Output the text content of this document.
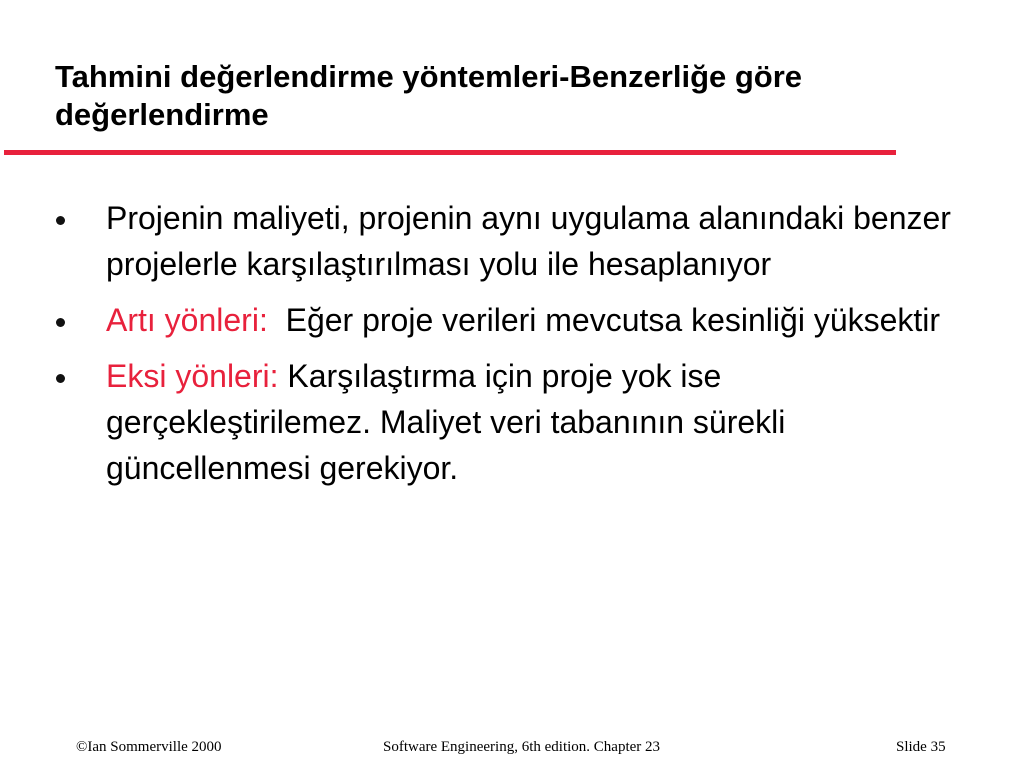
Tahmini değerlendirme yöntemleri-Benzerliğe göre değerlendirme
Projenin maliyeti, projenin aynı uygulama alanındaki benzer projelerle karşılaştırılması yolu ile hesaplanıyor
Artı yönleri:  Eğer proje verileri mevcutsa kesinliği yüksektir
Eksi yönleri: Karşılaştırma için proje yok ise gerçekleştirilemez. Maliyet veri tabanının sürekli güncellenmesi gerekiyor.

©Ian Sommerville 2000	Software Engineering, 6th edition. Chapter 23	Slide 35
